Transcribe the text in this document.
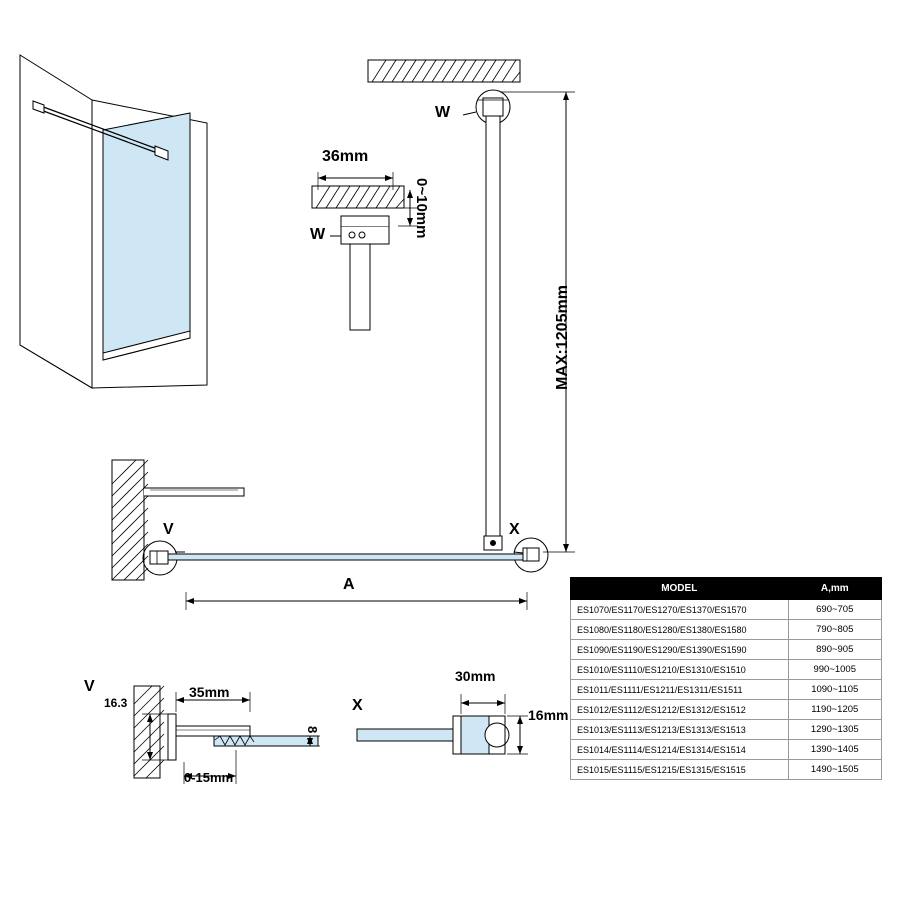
W
W
36mm
0~10mm
MAX:1205mm
V	X
A
V
16.3
35mm
8
0-15mm
X
30mm
16mm
MODEL	A,mm
ES1070/ES1170/ES1270/ES1370/ES1570	690~705
ES1080/ES1180/ES1280/ES1380/ES1580	790~805
ES1090/ES1190/ES1290/ES1390/ES1590	890~905
ES1010/ES1110/ES1210/ES1310/ES1510	990~1005
ES1011/ES1111/ES1211/ES1311/ES1511	1090~1105
ES1012/ES1112/ES1212/ES1312/ES1512	1190~1205
ES1013/ES1113/ES1213/ES1313/ES1513	1290~1305
ES1014/ES1114/ES1214/ES1314/ES1514	1390~1405
ES1015/ES1115/ES1215/ES1315/ES1515	1490~1505
